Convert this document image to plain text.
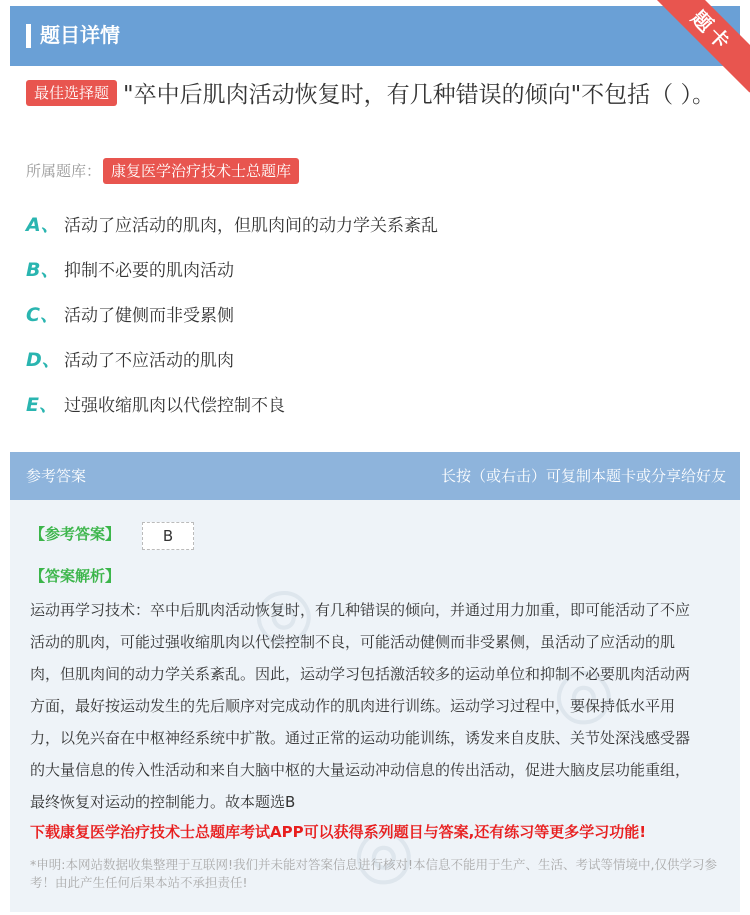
题目详情	题卡
最佳选择题 "卒中后肌肉活动恢复时，有几种错误的倾向"不包括（ ）。
所属题库： 康复医学治疗技术士总题库
A、 活动了应活动的肌肉，但肌肉间的动力学关系紊乱
B、 抑制不必要的肌肉活动
C、 活动了健侧而非受累侧
D、 活动了不应活动的肌肉
E、 过强收缩肌肉以代偿控制不良
◎
◎
◎
参考答案	长按（或右击）可复制本题卡或分享给好友
【参考答案】	B
【答案解析】
运动再学习技术：卒中后肌肉活动恢复时，有几种错误的倾向，并通过用力加重，即可能活动了不应活动的肌肉，可能过强收缩肌肉以代偿控制不良，可能活动健侧而非受累侧，虽活动了应活动的肌肉，但肌肉间的动力学关系紊乱。因此，运动学习包括激活较多的运动单位和抑制不必要肌肉活动两方面，最好按运动发生的先后顺序对完成动作的肌肉进行训练。运动学习过程中，要保持低水平用力，以免兴奋在中枢神经系统中扩散。通过正常的运动功能训练，诱发来自皮肤、关节处深浅感受器的大量信息的传入性活动和来自大脑中枢的大量运动冲动信息的传出活动，促进大脑皮层功能重组，最终恢复对运动的控制能力。故本题选B
下载康复医学治疗技术士总题库考试APP可以获得系列题目与答案,还有练习等更多学习功能!
*申明:本网站数据收集整理于互联网!我们并未能对答案信息进行核对!本信息不能用于生产、生活、考试等情境中,仅供学习参考！由此产生任何后果本站不承担责任!
